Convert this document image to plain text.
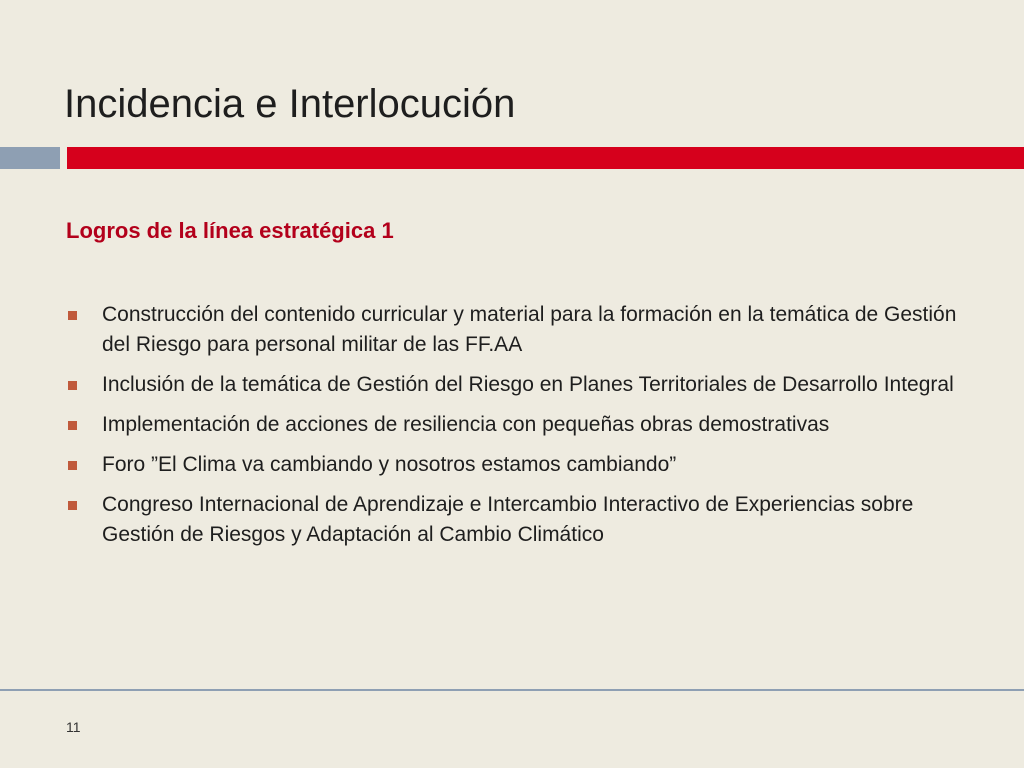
Incidencia e Interlocución
Logros de la línea estratégica 1
Construcción del contenido curricular y material para la formación en la temática de Gestión del Riesgo para personal militar de las FF.AA
Inclusión de la temática de Gestión del Riesgo en Planes Territoriales de Desarrollo Integral
Implementación de acciones de resiliencia con pequeñas obras demostrativas
Foro ”El Clima va cambiando y nosotros estamos cambiando”
Congreso Internacional de Aprendizaje e Intercambio Interactivo de Experiencias sobre Gestión de Riesgos y Adaptación al Cambio Climático
11
